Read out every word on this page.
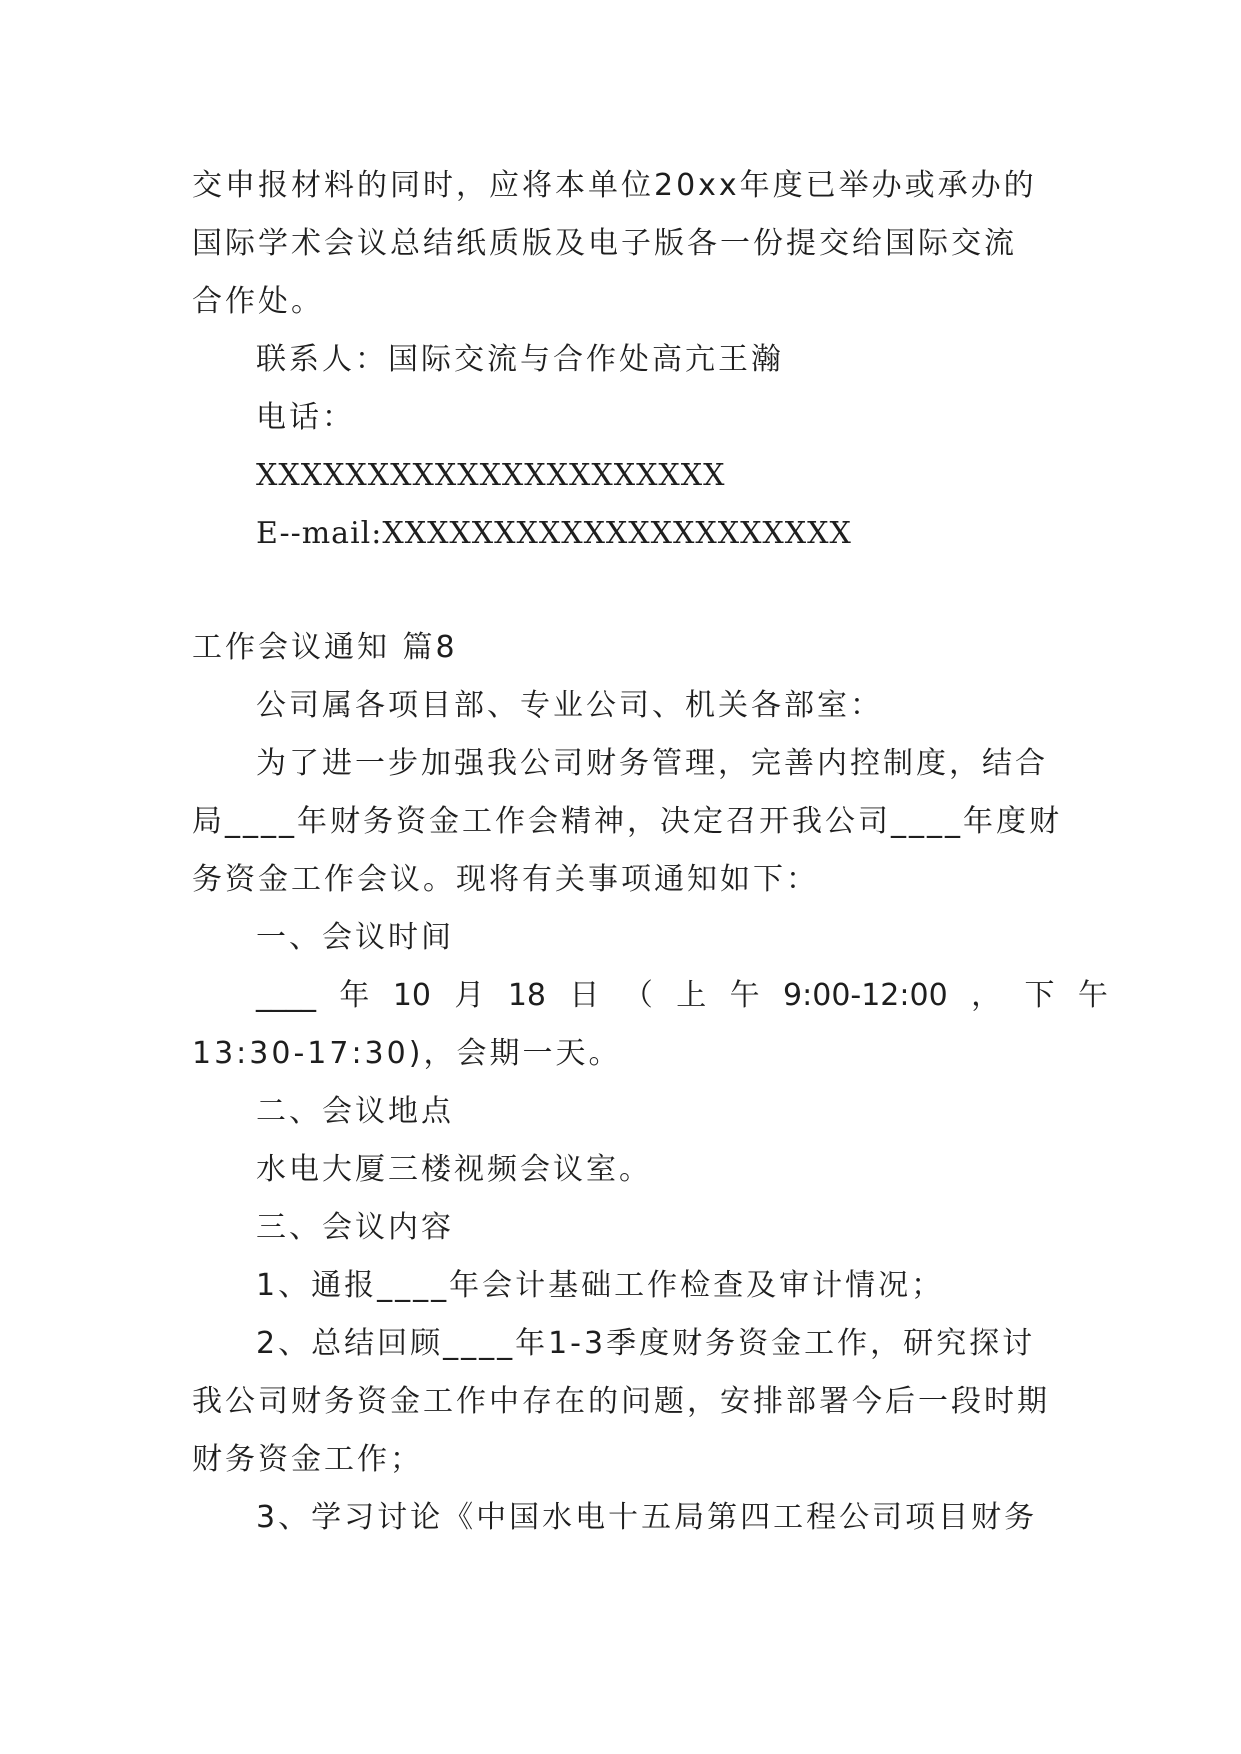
交申报材料的同时，应将本单位20xx年度已举办或承办的
国际学术会议总结纸质版及电子版各一份提交给国际交流
合作处。
联系人：国际交流与合作处高亢王瀚
电话：
XXXXXXXXXXXXXXXXXXXXX
E--mail:XXXXXXXXXXXXXXXXXXXXX
工作会议通知 篇8
公司属各项目部、专业公司、机关各部室：
为了进一步加强我公司财务管理，完善内控制度，结合
局____年财务资金工作会精神，决定召开我公司____年度财
务资金工作会议。现将有关事项通知如下：
一、会议时间
____ 年 10 月 18 日 （ 上 午 9:00-12:00 ， 下 午
13:30-17:30)，会期一天。
二、会议地点
水电大厦三楼视频会议室。
三、会议内容
1、通报____年会计基础工作检查及审计情况；
2、总结回顾____年1-3季度财务资金工作，研究探讨
我公司财务资金工作中存在的问题，安排部署今后一段时期
财务资金工作；
3、学习讨论《中国水电十五局第四工程公司项目财务
